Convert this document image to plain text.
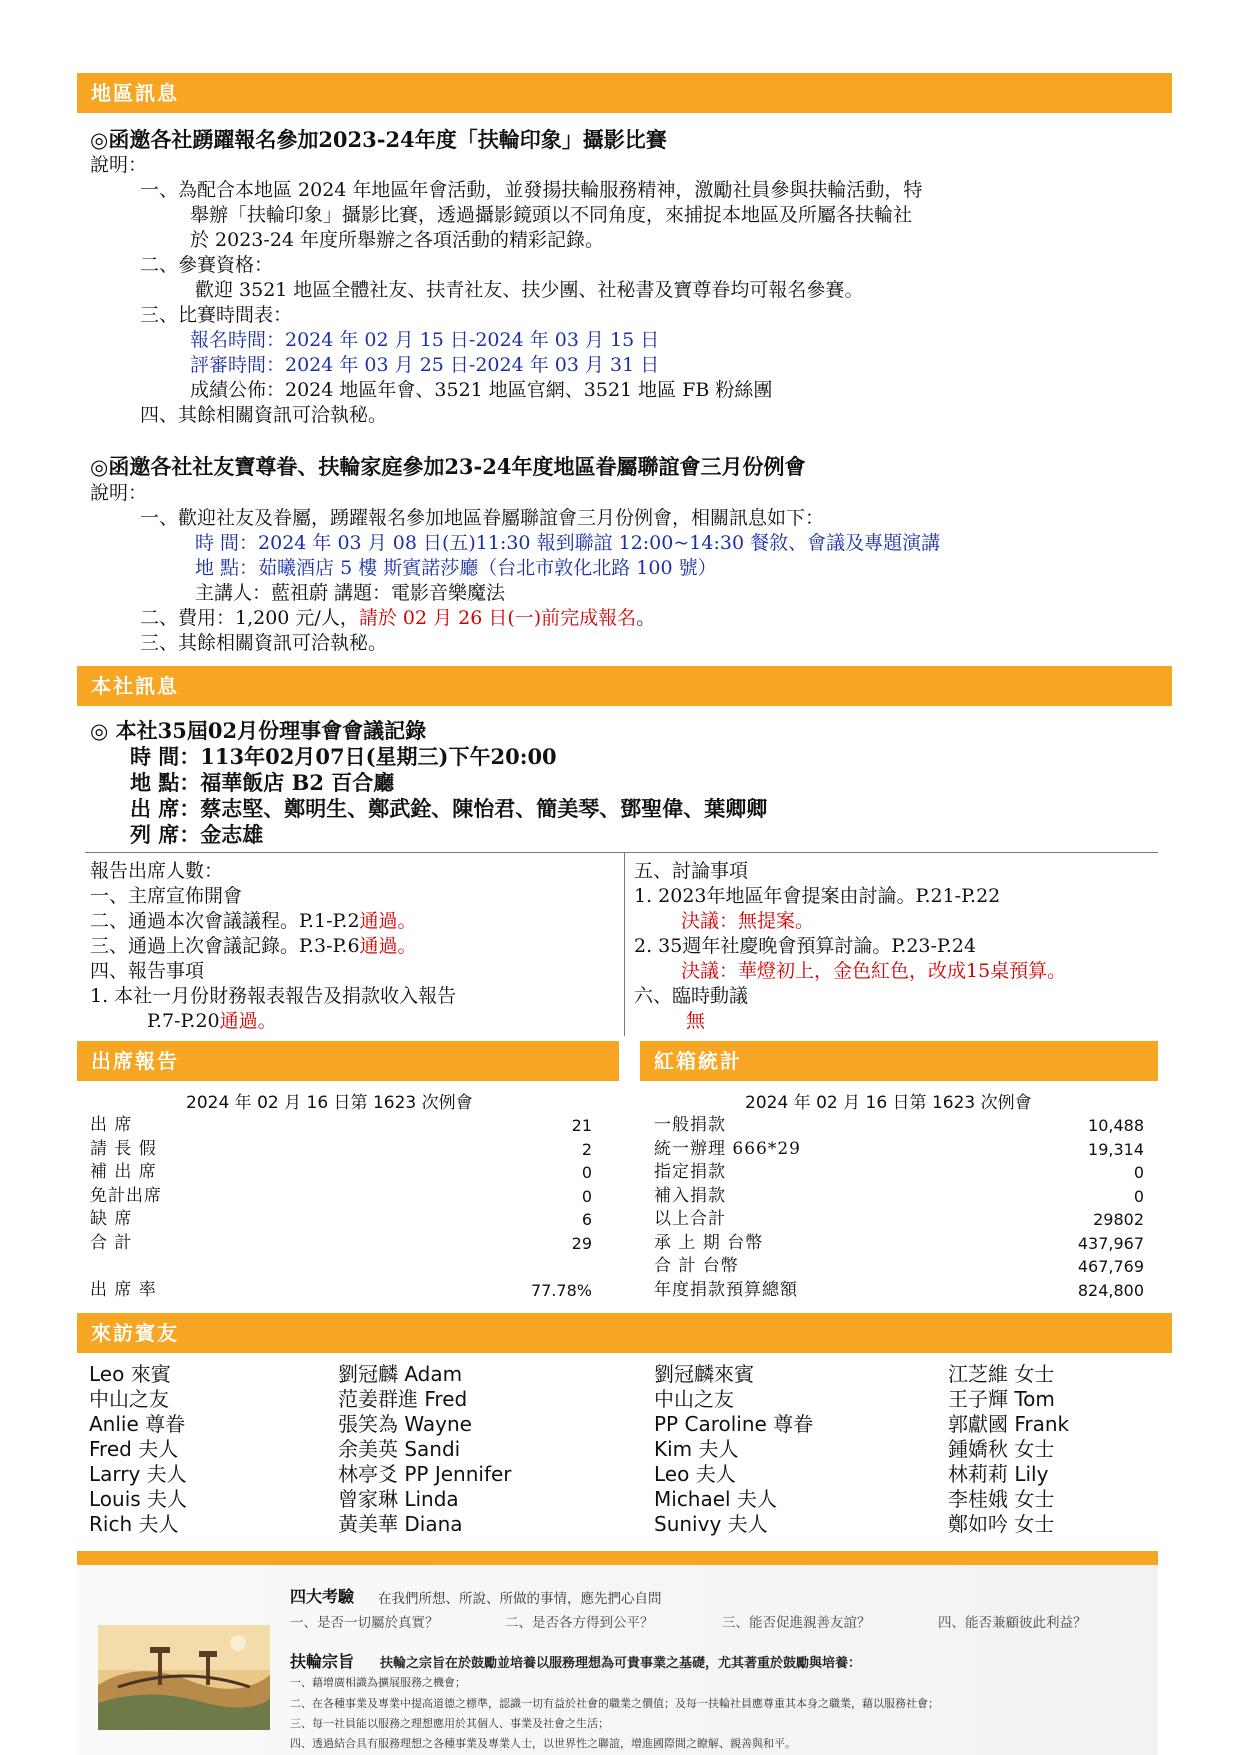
地區訊息
◎函邀各社踴躍報名參加2023-24年度「扶輪印象」攝影比賽
說明：
一、為配合本地區 2024 年地區年會活動，並發揚扶輪服務精神，激勵社員參與扶輪活動，特
舉辦「扶輪印象」攝影比賽，透過攝影鏡頭以不同角度，來捕捉本地區及所屬各扶輪社
於 2023-24 年度所舉辦之各項活動的精彩記錄。
二、參賽資格：
歡迎 3521 地區全體社友、扶青社友、扶少團、社秘書及寶尊眷均可報名參賽。
三、比賽時間表：
報名時間：2024 年 02 月 15 日-2024 年 03 月 15 日
評審時間：2024 年 03 月 25 日-2024 年 03 月 31 日
成績公佈：2024 地區年會、3521 地區官網、3521 地區 FB 粉絲團
四、其餘相關資訊可洽執秘。
◎函邀各社社友寶尊眷、扶輪家庭參加23-24年度地區眷屬聯誼會三月份例會
說明：
一、歡迎社友及眷屬，踴躍報名參加地區眷屬聯誼會三月份例會，相關訊息如下：
時 間：2024 年 03 月 08 日(五)11:30 報到聯誼 12:00~14:30 餐敘、會議及專題演講
地 點：茹曦酒店 5 樓 斯賓諾莎廳（台北市敦化北路 100 號）
主講人：藍祖蔚 講題：電影音樂魔法
二、費用：1,200 元/人，請於 02 月 26 日(一)前完成報名。
三、其餘相關資訊可洽執秘。
本社訊息
◎ 本社35屆02月份理事會會議記錄
時 間：113年02月07日(星期三)下午20:00
地 點：福華飯店 B2 百合廳
出 席：蔡志堅、鄭明生、鄭武銓、陳怡君、簡美琴、鄧聖偉、葉卿卿
列 席：金志雄
報告出席人數：
一、主席宣佈開會
二、通過本次會議議程。P.1-P.2通過。
三、通過上次會議記錄。P.3-P.6通過。
四、報告事項
1. 本社一月份財務報表報告及捐款收入報告
P.7-P.20通過。
五、討論事項
1. 2023年地區年會提案由討論。P.21-P.22
決議：無提案。
2. 35週年社慶晚會預算討論。P.23-P.24
決議：華燈初上，金色紅色，改成15桌預算。
六、臨時動議
無
出席報告	紅箱統計
2024 年 02 月 16 日第 1623 次例會
出 席	21
請 長 假	2
補 出 席	0
免計出席	0
缺 席	6
合 計	29
出 席 率	77.78%
2024 年 02 月 16 日第 1623 次例會
一般捐款	10,488
統一辦理 666*29	19,314
指定捐款	0
補入捐款	0
以上合計	29802
承 上 期 台幣	437,967
合 計 台幣	467,769
年度捐款預算總額	824,800
來訪賓友
Leo 來賓
中山之友
Anlie 尊眷
Fred 夫人
Larry 夫人
Louis 夫人
Rich 夫人
劉冠麟 Adam
范姜群進 Fred
張笑為 Wayne
余美英 Sandi
林亭爻 PP Jennifer
曾家琳 Linda
黃美華 Diana
劉冠麟來賓
中山之友
PP Caroline 尊眷
Kim 夫人
Leo 夫人
Michael 夫人
Sunivy 夫人
江芝維 女士
王子輝 Tom
郭獻國 Frank
鍾嬌秋 女士
林莉莉 Lily
李桂娥 女士
鄭如吟 女士
四大考驗 在我們所想、所說、所做的事情，應先捫心自問
一、是否一切屬於真實？	二、是否各方得到公平？	三、能否促進親善友誼？	四、能否兼顧彼此利益？
扶輪宗旨 扶輪之宗旨在於鼓勵並培養以服務理想為可貴事業之基礎，尤其著重於鼓勵與培養：
一、藉增廣相識為擴展服務之機會；
二、在各種事業及專業中提高道德之標準，認識一切有益於社會的職業之價值；及每一扶輪社員應尊重其本身之職業，藉以服務社會；
三、每一社員能以服務之理想應用於其個人、事業及社會之生活；
四、透過結合具有服務理想之各種事業及專業人士，以世界性之聯誼，增進國際間之瞭解、親善與和平。
